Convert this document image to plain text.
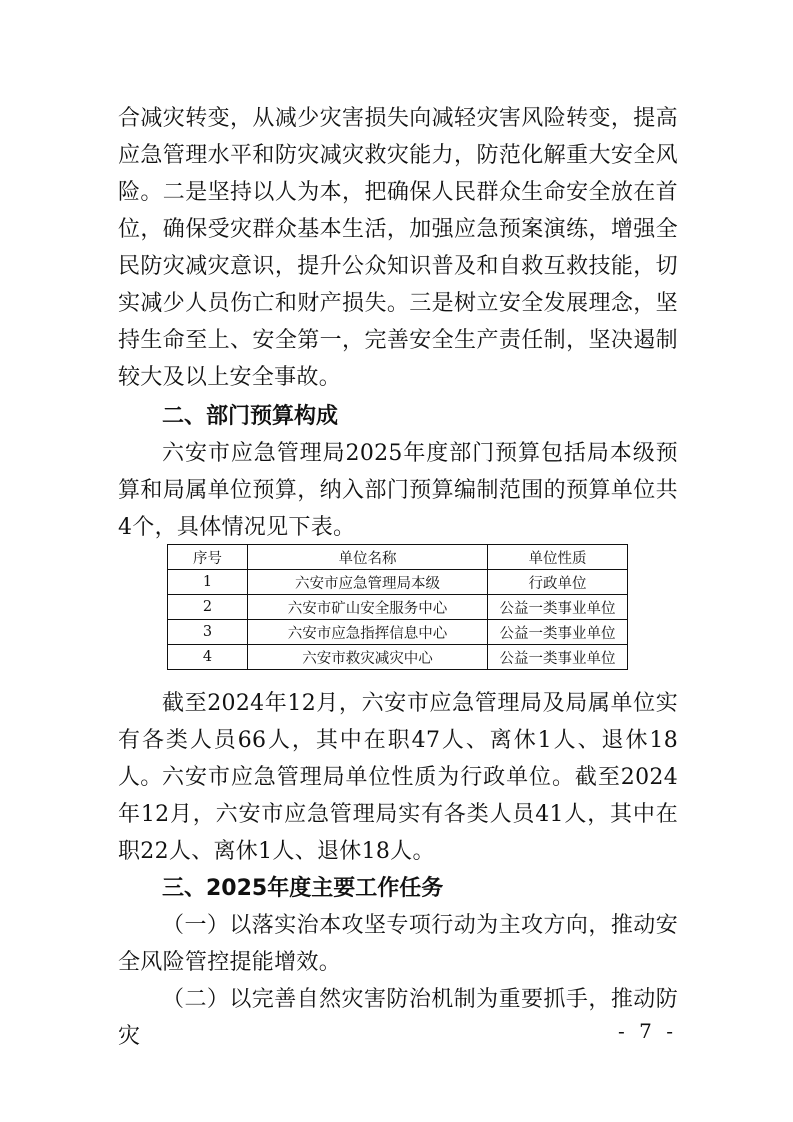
合减灾转变，从减少灾害损失向减轻灾害风险转变，提高应急管理水平和防灾减灾救灾能力，防范化解重大安全风险。二是坚持以人为本，把确保人民群众生命安全放在首位，确保受灾群众基本生活，加强应急预案演练，增强全民防灾减灾意识，提升公众知识普及和自救互救技能，切实减少人员伤亡和财产损失。三是树立安全发展理念，坚持生命至上、安全第一，完善安全生产责任制，坚决遏制较大及以上安全事故。

二、部门预算构成

六安市应急管理局2025年度部门预算包括局本级预算和局属单位预算，纳入部门预算编制范围的预算单位共4个，具体情况见下表。

序号	单位名称	单位性质
1	六安市应急管理局本级	行政单位
2	六安市矿山安全服务中心	公益一类事业单位
3	六安市应急指挥信息中心	公益一类事业单位
4	六安市救灾减灾中心	公益一类事业单位

截至2024年12月，六安市应急管理局及局属单位实有各类人员66人，其中在职47人、离休1人、退休18人。 六安市应急管理局单位性质为行政单位。截至2024年12月，六安市应急管理局实有各类人员41人，其中在职22人、离休1人、退休18人。

三、2025年度主要工作任务

（一）以落实治本攻坚专项行动为主攻方向，推动安全风险管控提能增效。

（二）以完善自然灾害防治机制为重要抓手，推动防灾	- 7 -
